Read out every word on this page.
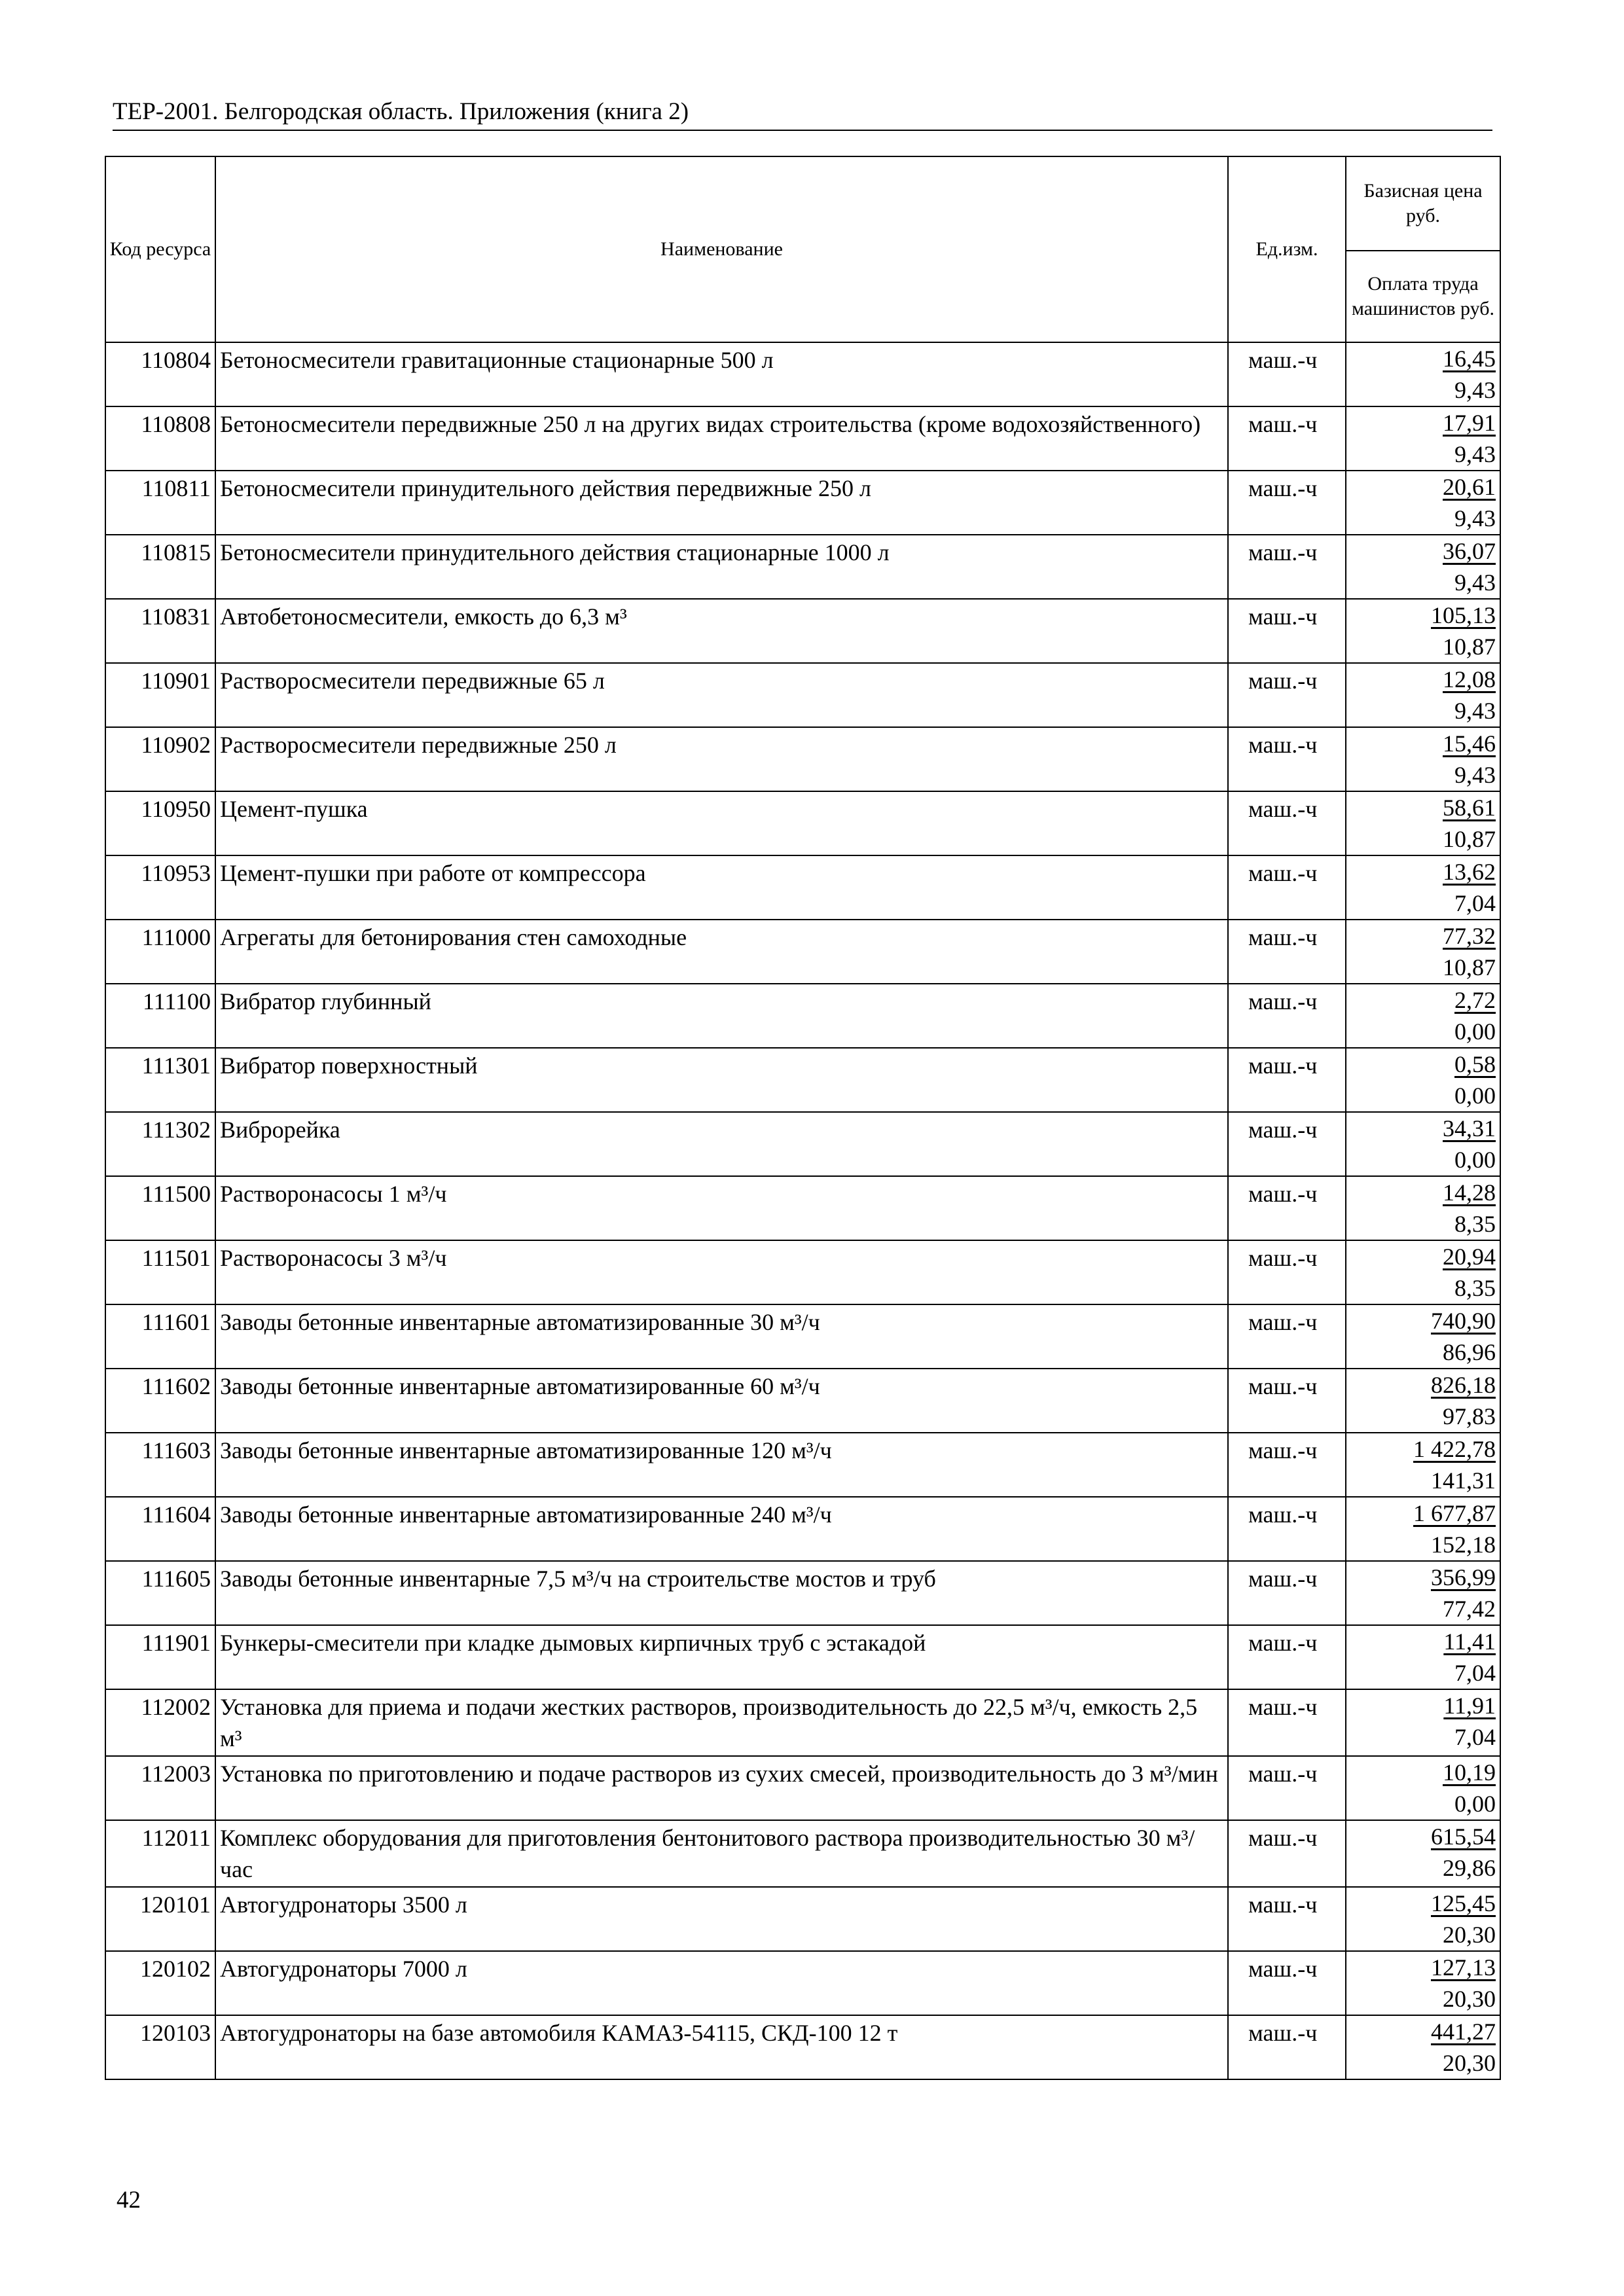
ТЕР-2001. Белгородская область. Приложения (книга 2)
Код ресурса	Наименование	Ед.изм.	Базисная цена руб.
			Оплата труда машинистов руб.
110804	Бетоносмесители гравитационные стационарные 500 л	маш.-ч	16,45
9,43

110808	Бетоносмесители передвижные 250 л на других видах строительства (кроме водохозяйственного)	маш.-ч	17,91
9,43

110811	Бетоносмесители принудительного действия передвижные 250 л	маш.-ч	20,61
9,43

110815	Бетоносмесители принудительного действия стационарные 1000 л	маш.-ч	36,07
9,43

110831	Автобетоносмесители, емкость до 6,3 м³	маш.-ч	105,13
10,87

110901	Растворосмесители передвижные 65 л	маш.-ч	12,08
9,43

110902	Растворосмесители передвижные 250 л	маш.-ч	15,46
9,43

110950	Цемент-пушка	маш.-ч	58,61
10,87

110953	Цемент-пушки при работе от компрессора	маш.-ч	13,62
7,04

111000	Агрегаты для бетонирования стен самоходные	маш.-ч	77,32
10,87

111100	Вибратор глубинный	маш.-ч	2,72
0,00

111301	Вибратор поверхностный	маш.-ч	0,58
0,00

111302	Виброрейка	маш.-ч	34,31
0,00

111500	Растворонасосы 1 м³/ч	маш.-ч	14,28
8,35

111501	Растворонасосы 3 м³/ч	маш.-ч	20,94
8,35

111601	Заводы бетонные инвентарные автоматизированные 30 м³/ч	маш.-ч	740,90
86,96

111602	Заводы бетонные инвентарные автоматизированные 60 м³/ч	маш.-ч	826,18
97,83

111603	Заводы бетонные инвентарные автоматизированные 120 м³/ч	маш.-ч	1 422,78
141,31

111604	Заводы бетонные инвентарные автоматизированные 240 м³/ч	маш.-ч	1 677,87
152,18

111605	Заводы бетонные инвентарные 7,5 м³/ч на строительстве мостов и труб	маш.-ч	356,99
77,42

111901	Бункеры-смесители при кладке дымовых кирпичных труб с эстакадой	маш.-ч	11,41
7,04

112002	Установка для приема и подачи жестких растворов, производительность до 22,5 м³/ч, емкость 2,5 м³	маш.-ч	11,91
7,04

112003	Установка по приготовлению и подаче растворов из сухих смесей, производительность до 3 м³/мин	маш.-ч	10,19
0,00

112011	Комплекс оборудования для приготовления бентонитового раствора производительностью 30 м³/час	маш.-ч	615,54
29,86

120101	Автогудронаторы 3500 л	маш.-ч	125,45
20,30

120102	Автогудронаторы 7000 л	маш.-ч	127,13
20,30

120103	Автогудронаторы на базе автомобиля КАМАЗ-54115, СКД-100 12 т	маш.-ч	441,27
20,30
42
